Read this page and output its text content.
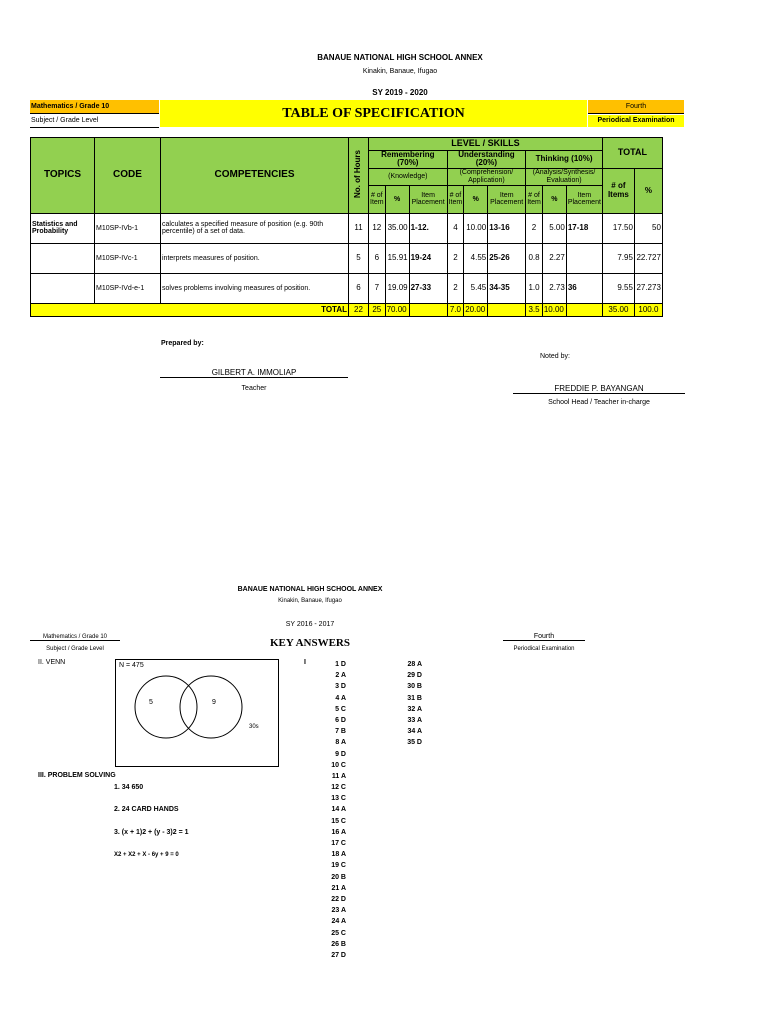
BANAUE NATIONAL HIGH SCHOOL ANNEX
Kinakin, Banaue, Ifugao
SY 2019 - 2020
Mathematics / Grade 10
Subject / Grade Level	TABLE OF SPECIFICATION	Fourth
Periodical Examination
TOPICS	CODE	COMPETENCIES	No. of Hours	LEVEL / SKILLS									TOTAL	
				Remembering (70%)			Understanding (20%)			Thinking (10%)				
				(Knowledge)			(Comprehension/ Application)			(Analysis/Synthesis/ Evaluation)			# of Items	%
				# of Item	%	Item Placement	# of Item	%	Item Placement	# of Item	%	Item Placement		
Statistics and Probability	M10SP-IVb-1	calculates a specified measure of position (e.g. 90th percentile) of a set of data.	11	12	35.00	1-12.	4	10.00	13-16	2	5.00	17-18	17.50	50
	M10SP-IVc-1	interprets measures of position.	5	6	15.91	19-24	2	4.55	25-26	0.8	2.27		7.95	22.727
	M10SP-IVd-e-1	solves problems involving measures of position.	6	7	19.09	27-33	2	5.45	34-35	1.0	2.73	36	9.55	27.273
TOTAL			22	25	70.00		7.0	20.00		3.5	10.00		35.00	100.0
Prepared by:
GILBERT A. IMMOLIAP
Teacher
Noted by:
FREDDIE P. BAYANGAN
School Head / Teacher in-charge
BANAUE NATIONAL HIGH SCHOOL ANNEX
Kinakin, Banaue, Ifugao
SY 2016 - 2017
Mathematics / Grade 10
Subject / Grade Level	KEY ANSWERS
Fourth
Periodical Examination
II. VENN	N = 475
5	9
30s
III. PROBLEM SOLVING
1. 34 650
2. 24 CARD HANDS
3. (x + 1)2 + (y - 3)2 = 1
X2 + X2 + X - 6y + 9 = 0
I	1 D
2 A
3 D
4 A
5 C
6 D
7 B
8 A
9 D
10 C
11 A
12 C
13 C
14 A
15 C
16 A
17 C
18 A
19 C
20 B
21 A
22 D
23 A
24 A
25 C
26 B
27 D
28 A
29 D
30 B
31 B
32 A
33 A
34 A
35 D
